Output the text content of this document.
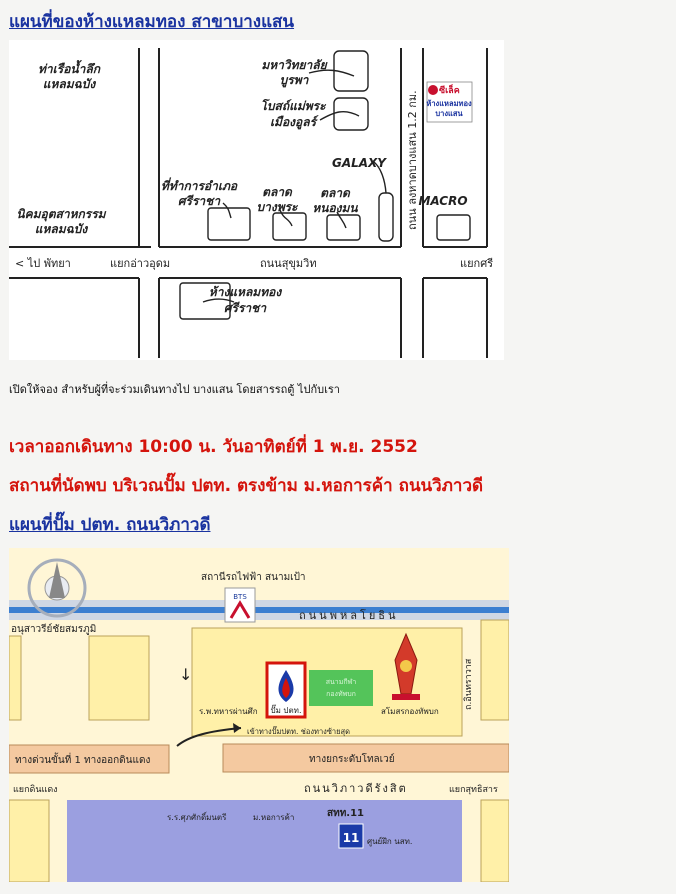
แผนที่ของห้างแหลมทอง สาขาบางแสน
ซีเล็ค
ห้างแหลมทอง
บางแสน
ท่าเรือน้ำลึก
แหลมฉบัง
นิคมอุตสาหกรรม
แหลมฉบัง
มหาวิทยาลัย
บูรพา
โบสถ์แม่พระ
เมืองอูลร์
ที่ทำการอำเภอ
ศรีราชา
ตลาด
บางพระ
ตลาด
หนองมน
GALAXY
MACRO
ห้างแหลมทอง
ศรีราชา
ถนน ลงหาดบางแสน 1.2 กม.
< ไป พัทยา	แยกอ่าวอุดม	ถนนสุขุมวิท	แยกศรี
เปิดให้จอง สำหรับผู้ที่จะร่วมเดินทางไป บางแสน โดยสารรถตู้ ไปกับเรา
เวลาออกเดินทาง 10:00 น. วันอาทิตย์ที่ 1 พ.ย. 2552
สถานที่นัดพบ บริเวณปั๊ม ปตท. ตรงข้าม ม.หอการค้า ถนนวิภาวดี
แผนที่ปั๊ม ปตท. ถนนวิภาวดี
สถานีรถไฟฟ้า สนามเป้า
BTS
ถนนพหลโยธิน
อนุสาวรีย์ชัยสมรภูมิ
↓
ร.พ.ทหารผ่านศึก ปั๊ม ปตท.
สนามกีฬา
กองทัพบก
สโมสรกองทัพบก
ถ.อินทราวาส
เข้าทางปั๊มปตท. ช่องทางซ้ายสุด
ทางด่วนขั้นที่ 1 ทางออกดินแดง	ทางยกระดับโทลเวย์
ถนนวิภาวดีรังสิต
แยกดินแดง	แยกสุทธิสาร
ร.ร.ศุภศักดิ์มนตรี	ม.หอการค้า	สทท.11
11 ศูนย์ฝึก นสท.
